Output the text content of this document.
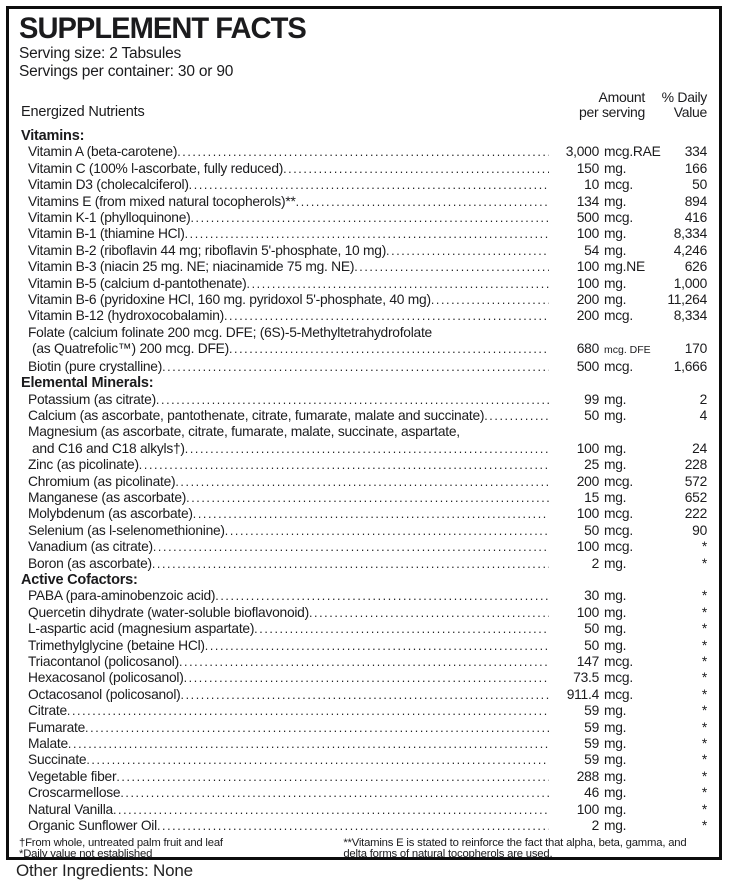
SUPPLEMENT FACTS
Serving size: 2 Tabsules
Servings per container: 30 or 90
Energized Nutrients
Amount
per serving
% Daily
Value
Vitamins:
Vitamin A (beta-carotene) .....	3,000 mcg.RAE	334
Vitamin C (100% l-ascorbate, fully reduced) .....	150 mg.	166
Vitamin D3 (cholecalciferol) .....	10 mcg.	50
Vitamins E (from mixed natural tocopherols)** .....	134 mg.	894
Vitamin K-1 (phylloquinone) .....	500 mcg.	416
Vitamin B-1 (thiamine HCl) .....	100 mg.	8,334
Vitamin B-2 (riboflavin 44 mg; riboflavin 5'-phosphate, 10 mg) .....	54 mg.	4,246
Vitamin B-3 (niacin 25 mg. NE; niacinamide 75 mg. NE) .....	100 mg.NE	626
Vitamin B-5 (calcium d-pantothenate) .....	100 mg.	1,000
Vitamin B-6 (pyridoxine HCl, 160 mg. pyridoxol 5'-phosphate, 40 mg) .....	200 mg.	11,264
Vitamin B-12 (hydroxocobalamin) .....	200 mcg.	8,334
Folate (calcium folinate 200 mcg. DFE; (6S)-5-Methyltetrahydrofolate
(as Quatrefolic™) 200 mcg. DFE) .....	680 mcg. DFE	170
Biotin (pure crystalline) .....	500 mcg.	1,666
Elemental Minerals:
Potassium (as citrate) .....	99 mg.	2
Calcium (as ascorbate, pantothenate, citrate, fumarate, malate and succinate) .....	50 mg.	4
Magnesium (as ascorbate, citrate, fumarate, malate, succinate, aspartate,
and C16 and C18 alkyls†) .....	100 mg.	24
Zinc (as picolinate) .....	25 mg.	228
Chromium (as picolinate) .....	200 mcg.	572
Manganese (as ascorbate) .....	15 mg.	652
Molybdenum (as ascorbate) .....	100 mcg.	222
Selenium (as l-selenomethionine) .....	50 mcg.	90
Vanadium (as citrate) .....	100 mcg.	*
Boron (as ascorbate) .....	2 mg.	*
Active Cofactors:
PABA (para-aminobenzoic acid) .....	30 mg.	*
Quercetin dihydrate (water-soluble bioflavonoid) .....	100 mg.	*
L-aspartic acid (magnesium aspartate) .....	50 mg.	*
Trimethylglycine (betaine HCl) .....	50 mg.	*
Triacontanol (policosanol) .....	147 mcg.	*
Hexacosanol (policosanol) .....	73.5 mcg.	*
Octacosanol (policosanol) .....	911.4 mcg.	*
Citrate .....	59 mg.	*
Fumarate .....	59 mg.	*
Malate .....	59 mg.	*
Succinate .....	59 mg.	*
Vegetable fiber .....	288 mg.	*
Croscarmellose .....	46 mg.	*
Natural Vanilla .....	100 mg.	*
Organic Sunflower Oil .....	2 mg.	*
†From whole, untreated palm fruit and leaf
*Daily value not established
**Vitamins E is stated to reinforce the fact that alpha, beta, gamma, and delta forms of natural tocopherols are used.
Other Ingredients: None
